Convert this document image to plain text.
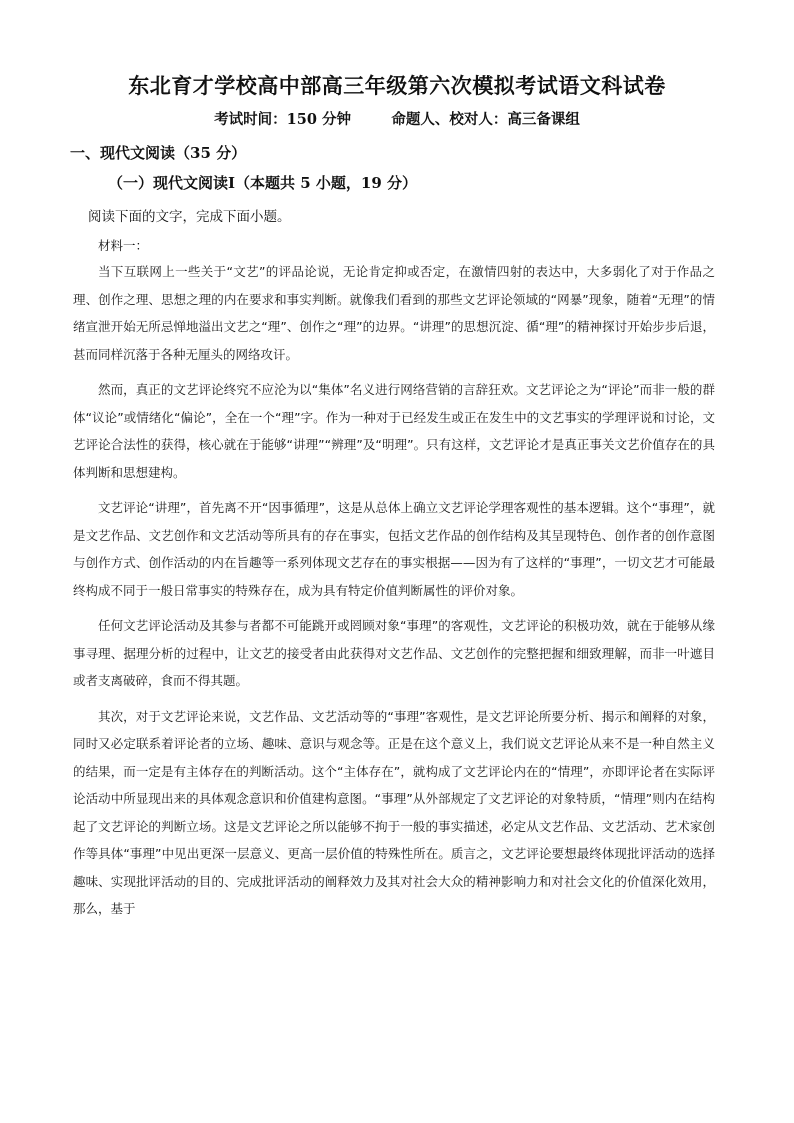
东北育才学校高中部高三年级第六次模拟考试语文科试卷
考试时间：150 分钟        命题人、校对人：高三备课组
一、现代文阅读（35 分）
（一）现代文阅读Ⅰ（本题共 5 小题，19 分）
阅读下面的文字，完成下面小题。
材料一：

当下互联网上一些关于“文艺”的评品论说，无论肯定抑或否定，在激情四射的表达中，大多弱化了对于作品之理、创作之理、思想之理的内在要求和事实判断。就像我们看到的那些文艺评论领域的“网暴”现象，随着“无理”的情绪宣泄开始无所忌惮地溢出文艺之“理”、创作之“理”的边界。“讲理”的思想沉淀、循“理”的精神探讨开始步步后退，甚而同样沉落于各种无厘头的网络攻讦。

然而，真正的文艺评论终究不应沦为以“集体”名义进行网络营销的言辞狂欢。文艺评论之为“评论”而非一般的群体“议论”或情绪化“偏论”，全在一个“理”字。作为一种对于已经发生或正在发生中的文艺事实的学理评说和讨论，文艺评论合法性的获得，核心就在于能够“讲理”“辨理”及“明理”。只有这样，文艺评论才是真正事关文艺价值存在的具体判断和思想建构。

文艺评论“讲理”，首先离不开“因事循理”，这是从总体上确立文艺评论学理客观性的基本逻辑。这个“事理”，就是文艺作品、文艺创作和文艺活动等所具有的存在事实，包括文艺作品的创作结构及其呈现特色、创作者的创作意图与创作方式、创作活动的内在旨趣等一系列体现文艺存在的事实根据——因为有了这样的“事理”，一切文艺才可能最终构成不同于一般日常事实的特殊存在，成为具有特定价值判断属性的评价对象。

任何文艺评论活动及其参与者都不可能跳开或罔顾对象“事理”的客观性，文艺评论的积极功效，就在于能够从缘事寻理、据理分析的过程中，让文艺的接受者由此获得对文艺作品、文艺创作的完整把握和细致理解，而非一叶遮目或者支离破碎，食而不得其题。

其次，对于文艺评论来说，文艺作品、文艺活动等的“事理”客观性，是文艺评论所要分析、揭示和阐释的对象，同时又必定联系着评论者的立场、趣味、意识与观念等。正是在这个意义上，我们说文艺评论从来不是一种自然主义的结果，而一定是有主体存在的判断活动。这个“主体存在”，就构成了文艺评论内在的“情理”，亦即评论者在实际评论活动中所显现出来的具体观念意识和价值建构意图。“事理”从外部规定了文艺评论的对象特质，“情理”则内在结构起了文艺评论的判断立场。这是文艺评论之所以能够不拘于一般的事实描述，必定从文艺作品、文艺活动、艺术家创作等具体“事理”中见出更深一层意义、更高一层价值的特殊性所在。质言之，文艺评论要想最终体现批评活动的选择趣味、实现批评活动的目的、完成批评活动的阐释效力及其对社会大众的精神影响力和对社会文化的价值深化效用，那么，基于
